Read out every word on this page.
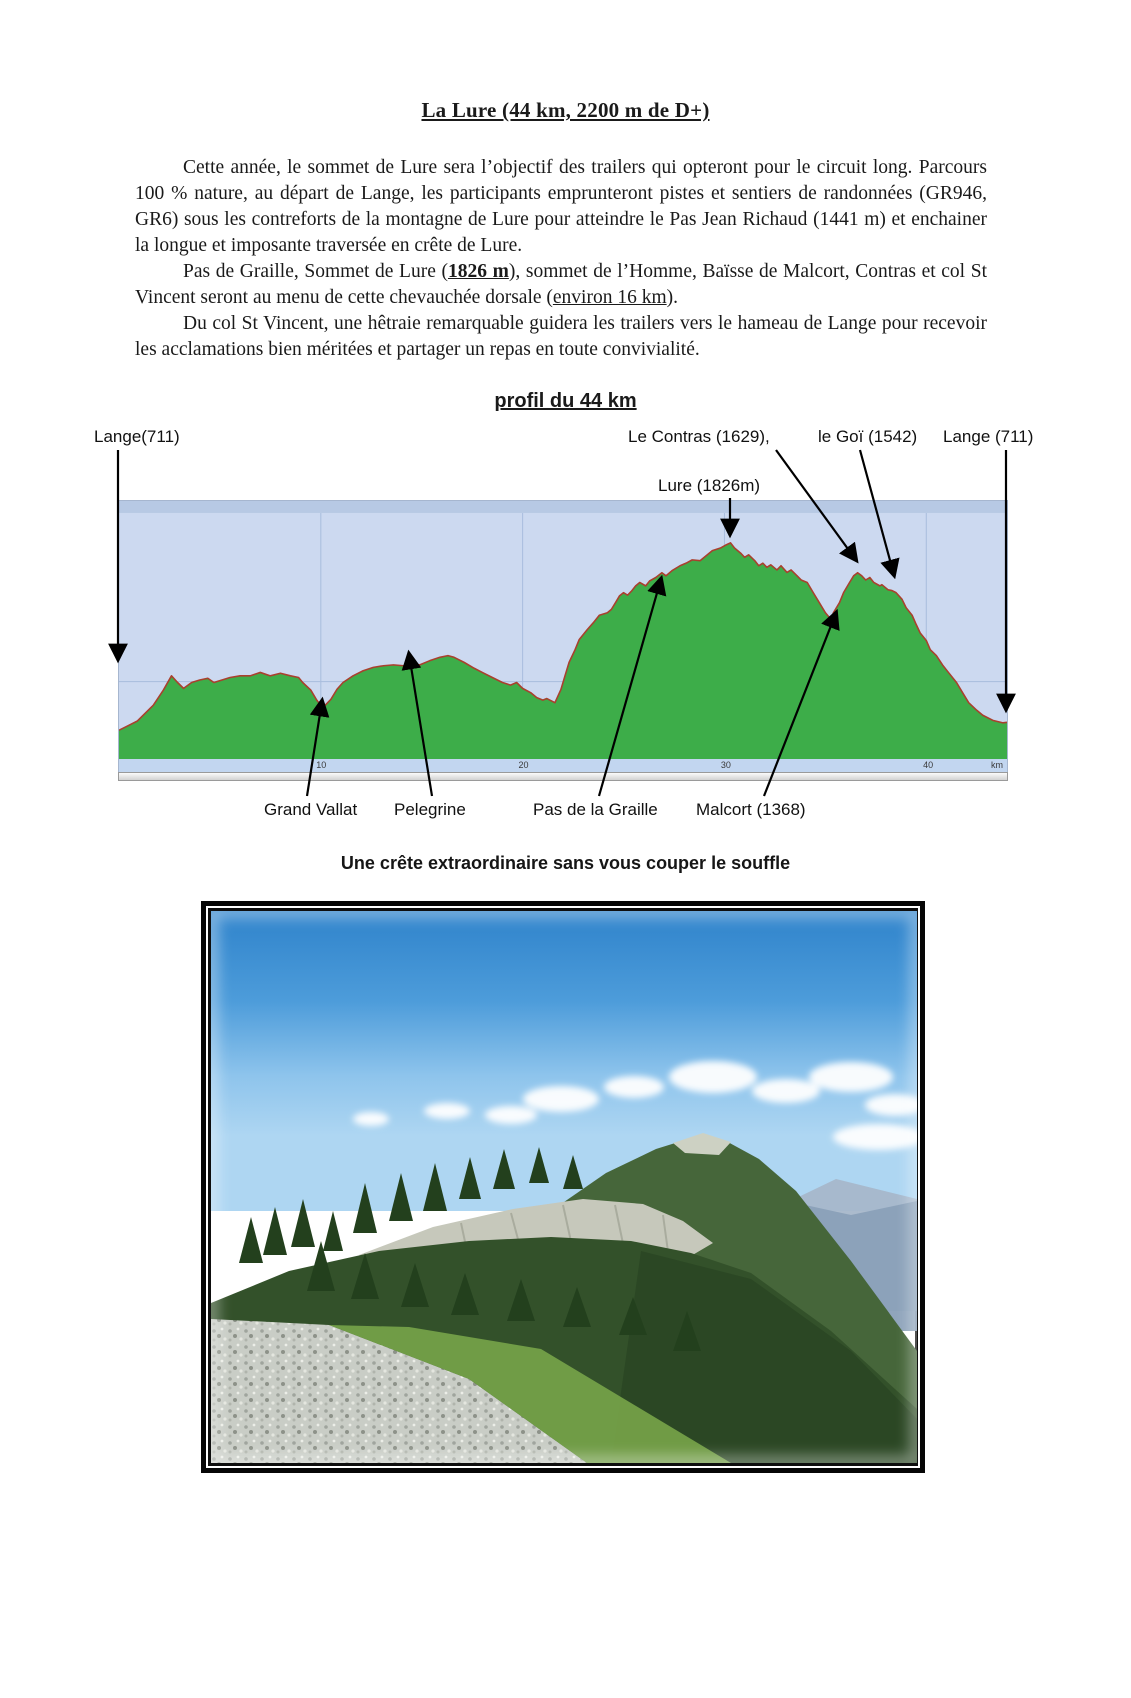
La Lure (44 km, 2200 m de D+)

Cette année, le sommet de Lure sera l’objectif des trailers qui opteront pour le circuit long. Parcours 100 % nature, au départ de Lange, les participants emprunteront pistes et sentiers de randonnées (GR946, GR6) sous les contreforts de la montagne de Lure pour atteindre le Pas Jean Richaud (1441 m) et enchainer la longue et imposante traversée en crête de Lure.

Pas de Graille, Sommet de Lure (1826 m), sommet de l’Homme, Baïsse de Malcort, Contras et col St Vincent seront au menu de cette chevauchée dorsale (environ 16 km).

Du col St Vincent, une hêtraie remarquable guidera les trailers vers le hameau de Lange pour recevoir les acclamations bien méritées et partager un repas en toute convivialité.

profil du 44 km
Lange(711)	Le Contras (1629),	le Goï (1542) Lange (711)
Lure (1826m)
10	20	30	40	km
Grand Vallat Pelegrine	Pas de la Graille Malcort (1368)
Une crête extraordinaire sans vous couper le souffle
